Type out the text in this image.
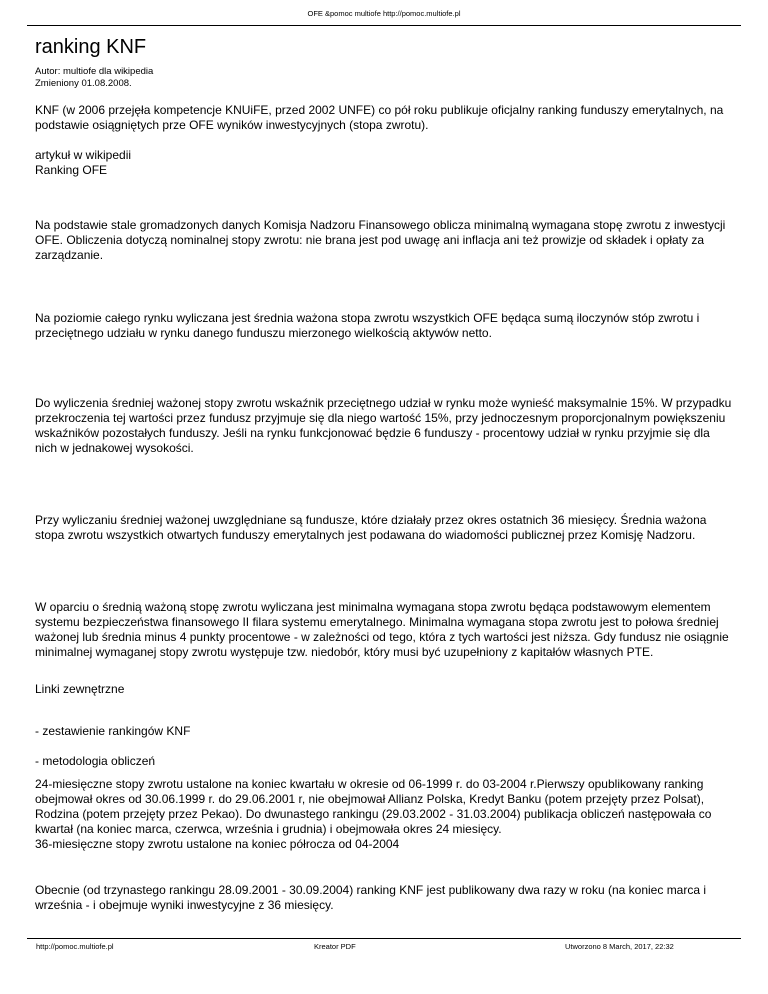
OFE &pomoc multiofe http://pomoc.multiofe.pl
ranking KNF
Autor: multiofe dla wikipedia
Zmieniony 01.08.2008.

KNF (w 2006 przejęła kompetencje KNUiFE, przed 2002 UNFE) co pół roku publikuje oficjalny ranking funduszy emerytalnych, na podstawie osiągniętych prze OFE wyników inwestycyjnych (stopa zwrotu).

artykuł w wikipedii
Ranking OFE

Na podstawie stale gromadzonych danych Komisja Nadzoru Finansowego oblicza minimalną wymagana stopę zwrotu z inwestycji OFE. Obliczenia dotyczą nominalnej stopy zwrotu: nie brana jest pod uwagę ani inflacja ani też prowizje od składek i opłaty za zarządzanie.

Na poziomie całego rynku wyliczana jest średnia ważona stopa zwrotu wszystkich OFE będąca sumą iloczynów stóp zwrotu i przeciętnego udziału w rynku danego funduszu mierzonego wielkością aktywów netto.

Do wyliczenia średniej ważonej stopy zwrotu wskaźnik przeciętnego udział w rynku może wynieść maksymalnie 15%. W przypadku przekroczenia tej wartości przez fundusz przyjmuje się dla niego wartość 15%, przy jednoczesnym proporcjonalnym powiększeniu wskaźników pozostałych funduszy. Jeśli na rynku funkcjonować będzie 6 funduszy - procentowy udział w rynku przyjmie się dla nich w jednakowej wysokości.

Przy wyliczaniu średniej ważonej uwzględniane są fundusze, które działały przez okres ostatnich 36 miesięcy. Średnia ważona stopa zwrotu wszystkich otwartych funduszy emerytalnych jest podawana do wiadomości publicznej przez Komisję Nadzoru.

W oparciu o średnią ważoną stopę zwrotu wyliczana jest minimalna wymagana stopa zwrotu będąca podstawowym elementem systemu bezpieczeństwa finansowego II filara systemu emerytalnego. Minimalna wymagana stopa zwrotu jest to połowa średniej ważonej lub średnia minus 4 punkty procentowe - w zależności od tego, która z tych wartości jest niższa. Gdy fundusz nie osiągnie minimalnej wymaganej stopy zwrotu występuje tzw. niedobór, który musi być uzupełniony z kapitałów własnych PTE.

Linki zewnętrzne

- zestawienie rankingów KNF

- metodologia obliczeń

24-miesięczne stopy zwrotu ustalone na koniec kwartału w okresie od 06-1999 r. do 03-2004 r.Pierwszy opublikowany ranking obejmował okres od 30.06.1999 r. do 29.06.2001 r, nie obejmował Allianz Polska, Kredyt Banku (potem przejęty przez Polsat), Rodzina (potem przejęty przez Pekao). Do dwunastego rankingu (29.03.2002 - 31.03.2004) publikacja obliczeń następowała co kwartał (na koniec marca, czerwca, września i grudnia) i obejmowała okres 24 miesięcy.
36-miesięczne stopy zwrotu ustalone na koniec półrocza od 04-2004

Obecnie (od trzynastego rankingu 28.09.2001 - 30.09.2004) ranking KNF jest publikowany dwa razy w roku (na koniec marca i września - i obejmuje wyniki inwestycyjne z 36 miesięcy.

http://pomoc.multiofe.pl	Kreator PDF	Utworzono 8 March, 2017, 22:32
